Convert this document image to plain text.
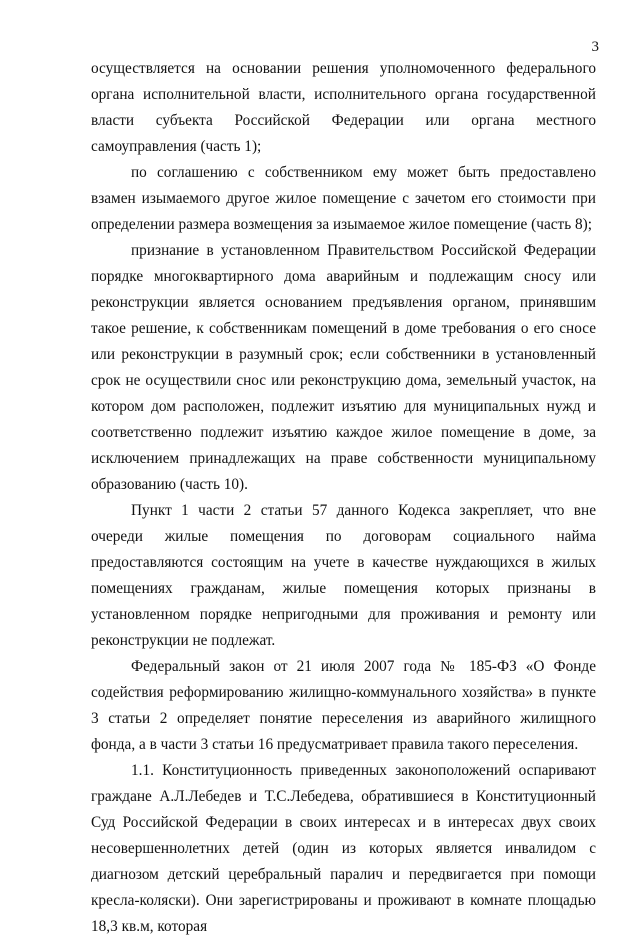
3

осуществляется на основании решения уполномоченного федерального органа исполнительной власти, исполнительного органа государственной власти субъекта Российской Федерации или органа местного самоуправления (часть 1);

по соглашению с собственником ему может быть предоставлено взамен изымаемого другое жилое помещение с зачетом его стоимости при определении размера возмещения за изымаемое жилое помещение (часть 8);

признание в установленном Правительством Российской Федерации порядке многоквартирного дома аварийным и подлежащим сносу или реконструкции является основанием предъявления органом, принявшим такое решение, к собственникам помещений в доме требования о его сносе или реконструкции в разумный срок; если собственники в установленный срок не осуществили снос или реконструкцию дома, земельный участок, на котором дом расположен, подлежит изъятию для муниципальных нужд и соответственно подлежит изъятию каждое жилое помещение в доме, за исключением принадлежащих на праве собственности муниципальному образованию (часть 10).

Пункт 1 части 2 статьи 57 данного Кодекса закрепляет, что вне очереди жилые помещения по договорам социального найма предоставляются состоящим на учете в качестве нуждающихся в жилых помещениях гражданам, жилые помещения которых признаны в установленном порядке непригодными для проживания и ремонту или реконструкции не подлежат.

Федеральный закон от 21 июля 2007 года № 185-ФЗ «О Фонде содействия реформированию жилищно-коммунального хозяйства» в пункте 3 статьи 2 определяет понятие переселения из аварийного жилищного фонда, а в части 3 статьи 16 предусматривает правила такого переселения.

1.1. Конституционность приведенных законоположений оспаривают граждане А.Л.Лебедев и Т.С.Лебедева, обратившиеся в Конституционный Суд Российской Федерации в своих интересах и в интересах двух своих несовершеннолетних детей (один из которых является инвалидом с диагнозом детский церебральный паралич и передвигается при помощи кресла-коляски). Они зарегистрированы и проживают в комнате площадью 18,3 кв.м, которая
